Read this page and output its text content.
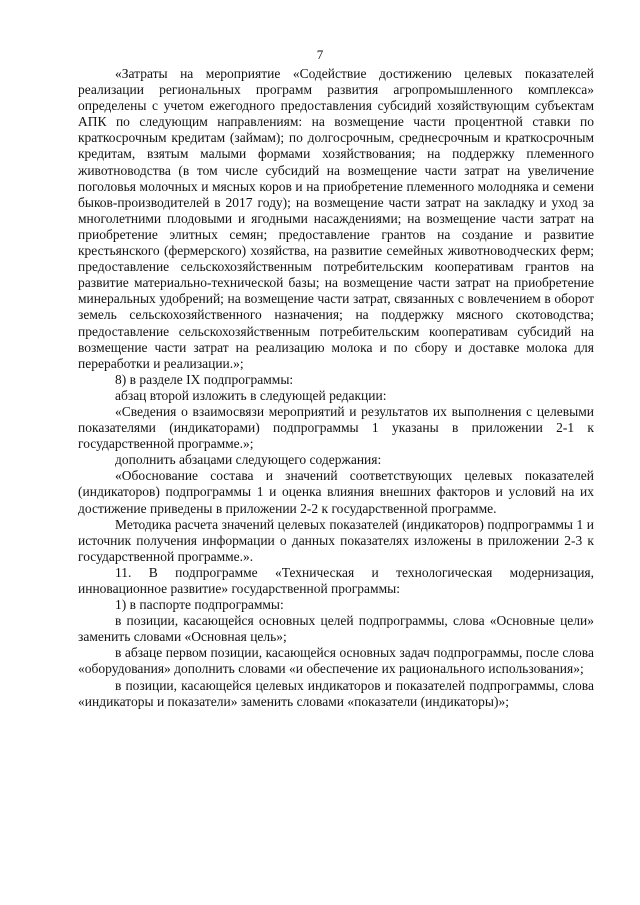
7

«Затраты на мероприятие «Содействие достижению целевых показателей реализации региональных программ развития агропромышленного комплекса» определены с учетом ежегодного предоставления субсидий хозяйствующим субъектам АПК по следующим направлениям: на возмещение части процентной ставки по краткосрочным кредитам (займам); по долгосрочным, среднесрочным и краткосрочным кредитам, взятым малыми формами хозяйствования; на поддержку племенного животноводства (в том числе субсидий на возмещение части затрат на увеличение поголовья молочных и мясных коров и на приобретение племенного молодняка и семени быков-производителей в 2017 году); на возмещение части затрат на закладку и уход за многолетними плодовыми и ягодными насаждениями; на возмещение части затрат на приобретение элитных семян; предоставление грантов на создание и развитие крестьянского (фермерского) хозяйства, на развитие семейных животноводческих ферм; предоставление сельскохозяйственным потребительским кооперативам грантов на развитие материально-технической базы; на возмещение части затрат на приобретение минеральных удобрений; на возмещение части затрат, связанных с вовлечением в оборот земель сельскохозяйственного назначения; на поддержку мясного скотоводства; предоставление сельскохозяйственным потребительским кооперативам субсидий на возмещение части затрат на реализацию молока и по сбору и доставке молока для переработки и реализации.»;

8) в разделе IX подпрограммы:

абзац второй изложить в следующей редакции:

«Сведения о взаимосвязи мероприятий и результатов их выполнения с целевыми показателями (индикаторами) подпрограммы 1 указаны в приложении 2-1 к государственной программе.»;

дополнить абзацами следующего содержания:

«Обоснование состава и значений соответствующих целевых показателей (индикаторов) подпрограммы 1 и оценка влияния внешних факторов и условий на их достижение приведены в приложении 2-2 к государственной программе.

Методика расчета значений целевых показателей (индикаторов) подпрограммы 1 и источник получения информации о данных показателях изложены в приложении 2-3 к государственной программе.».

11. В подпрограмме «Техническая и технологическая модернизация, инновационное развитие» государственной программы:

1) в паспорте подпрограммы:

в позиции, касающейся основных целей подпрограммы, слова «Основные цели» заменить словами «Основная цель»;

в абзаце первом позиции, касающейся основных задач подпрограммы, после слова «оборудования» дополнить словами «и обеспечение их рационального использования»;

в позиции, касающейся целевых индикаторов и показателей подпрограммы, слова «индикаторы и показатели» заменить словами «показатели (индикаторы)»;
